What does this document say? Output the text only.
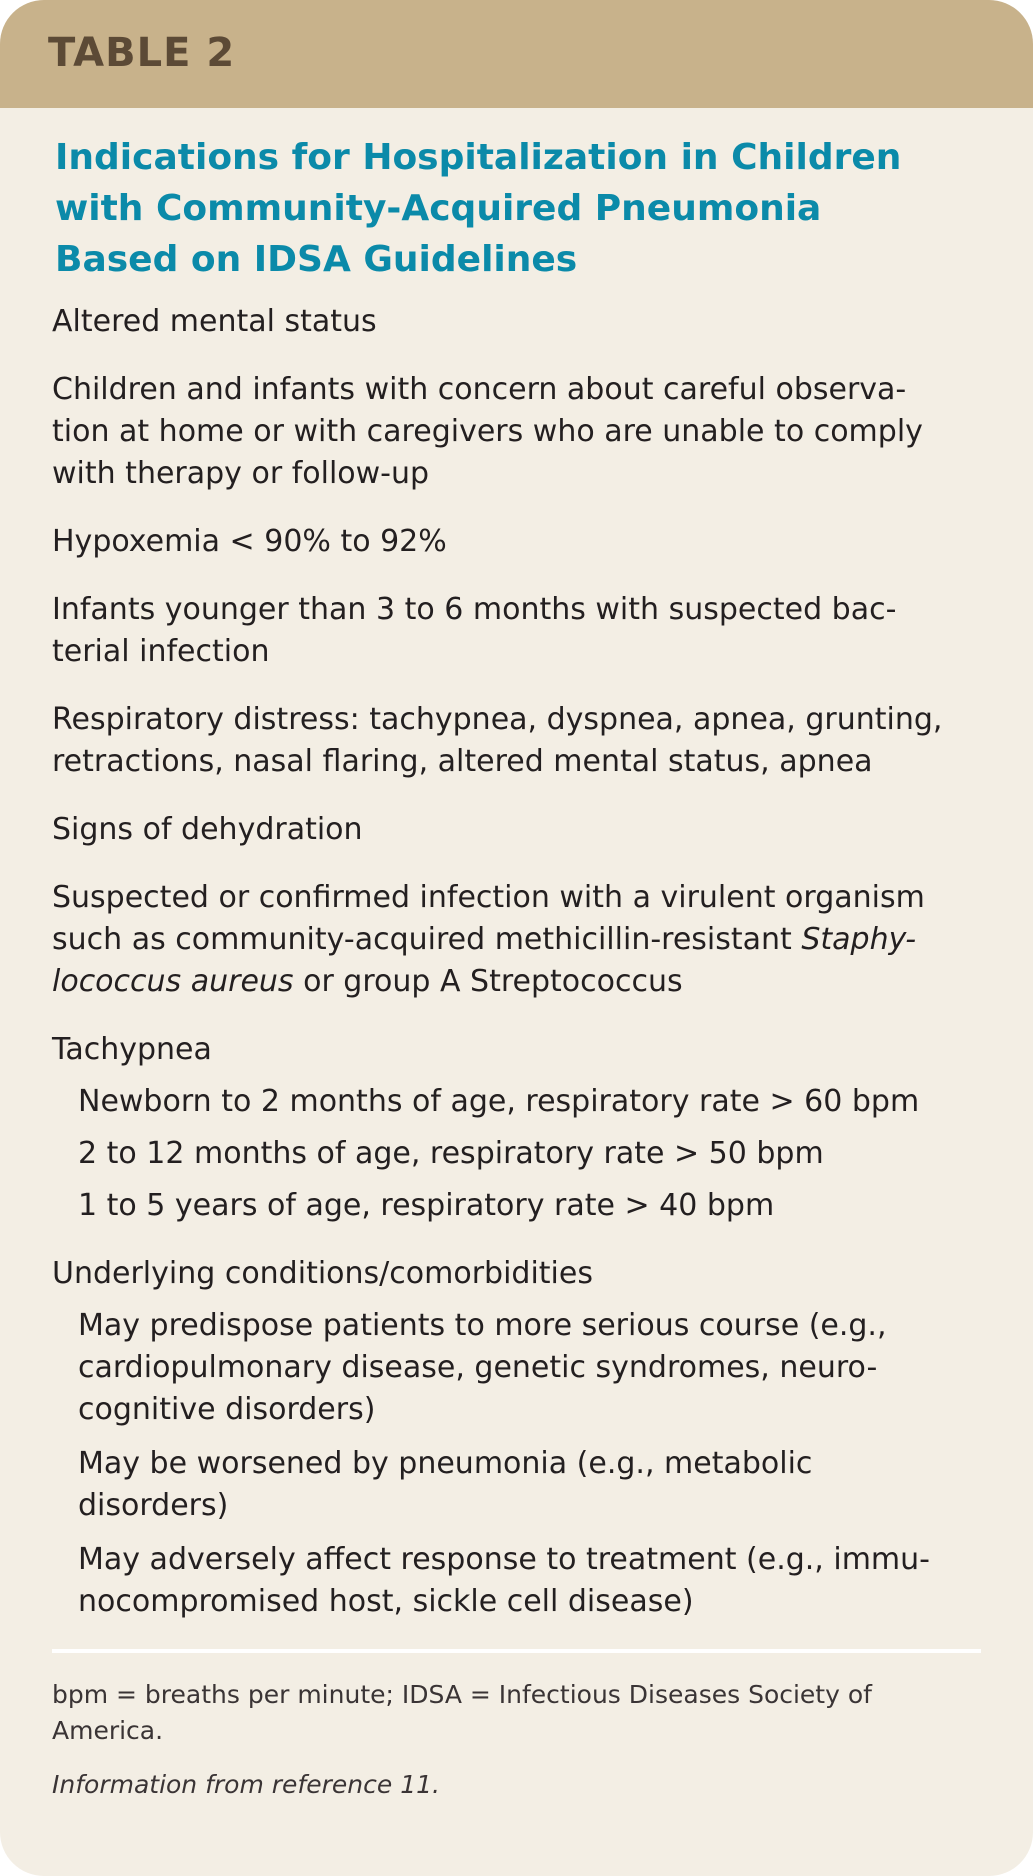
TABLE 2
Indications for Hospitalization in Children
with Community-Acquired Pneumonia
Based on IDSA Guidelines
Altered mental status
Children and infants with concern about careful observa-
tion at home or with caregivers who are unable to comply
with therapy or follow-up
Hypoxemia < 90% to 92%
Infants younger than 3 to 6 months with suspected bac-
terial infection
Respiratory distress: tachypnea, dyspnea, apnea, grunting,
retractions, nasal flaring, altered mental status, apnea
Signs of dehydration
Suspected or confirmed infection with a virulent organism
such as community-acquired methicillin-resistant Staphy-
lococcus aureus or group A Streptococcus
Tachypnea
Newborn to 2 months of age, respiratory rate > 60 bpm
2 to 12 months of age, respiratory rate > 50 bpm
1 to 5 years of age, respiratory rate > 40 bpm
Underlying conditions/comorbidities
May predispose patients to more serious course (e.g.,
cardiopulmonary disease, genetic syndromes, neuro-
cognitive disorders)
May be worsened by pneumonia (e.g., metabolic
disorders)
May adversely affect response to treatment (e.g., immu-
nocompromised host, sickle cell disease)
bpm = breaths per minute; IDSA = Infectious Diseases Society of
America.
Information from reference 11.
